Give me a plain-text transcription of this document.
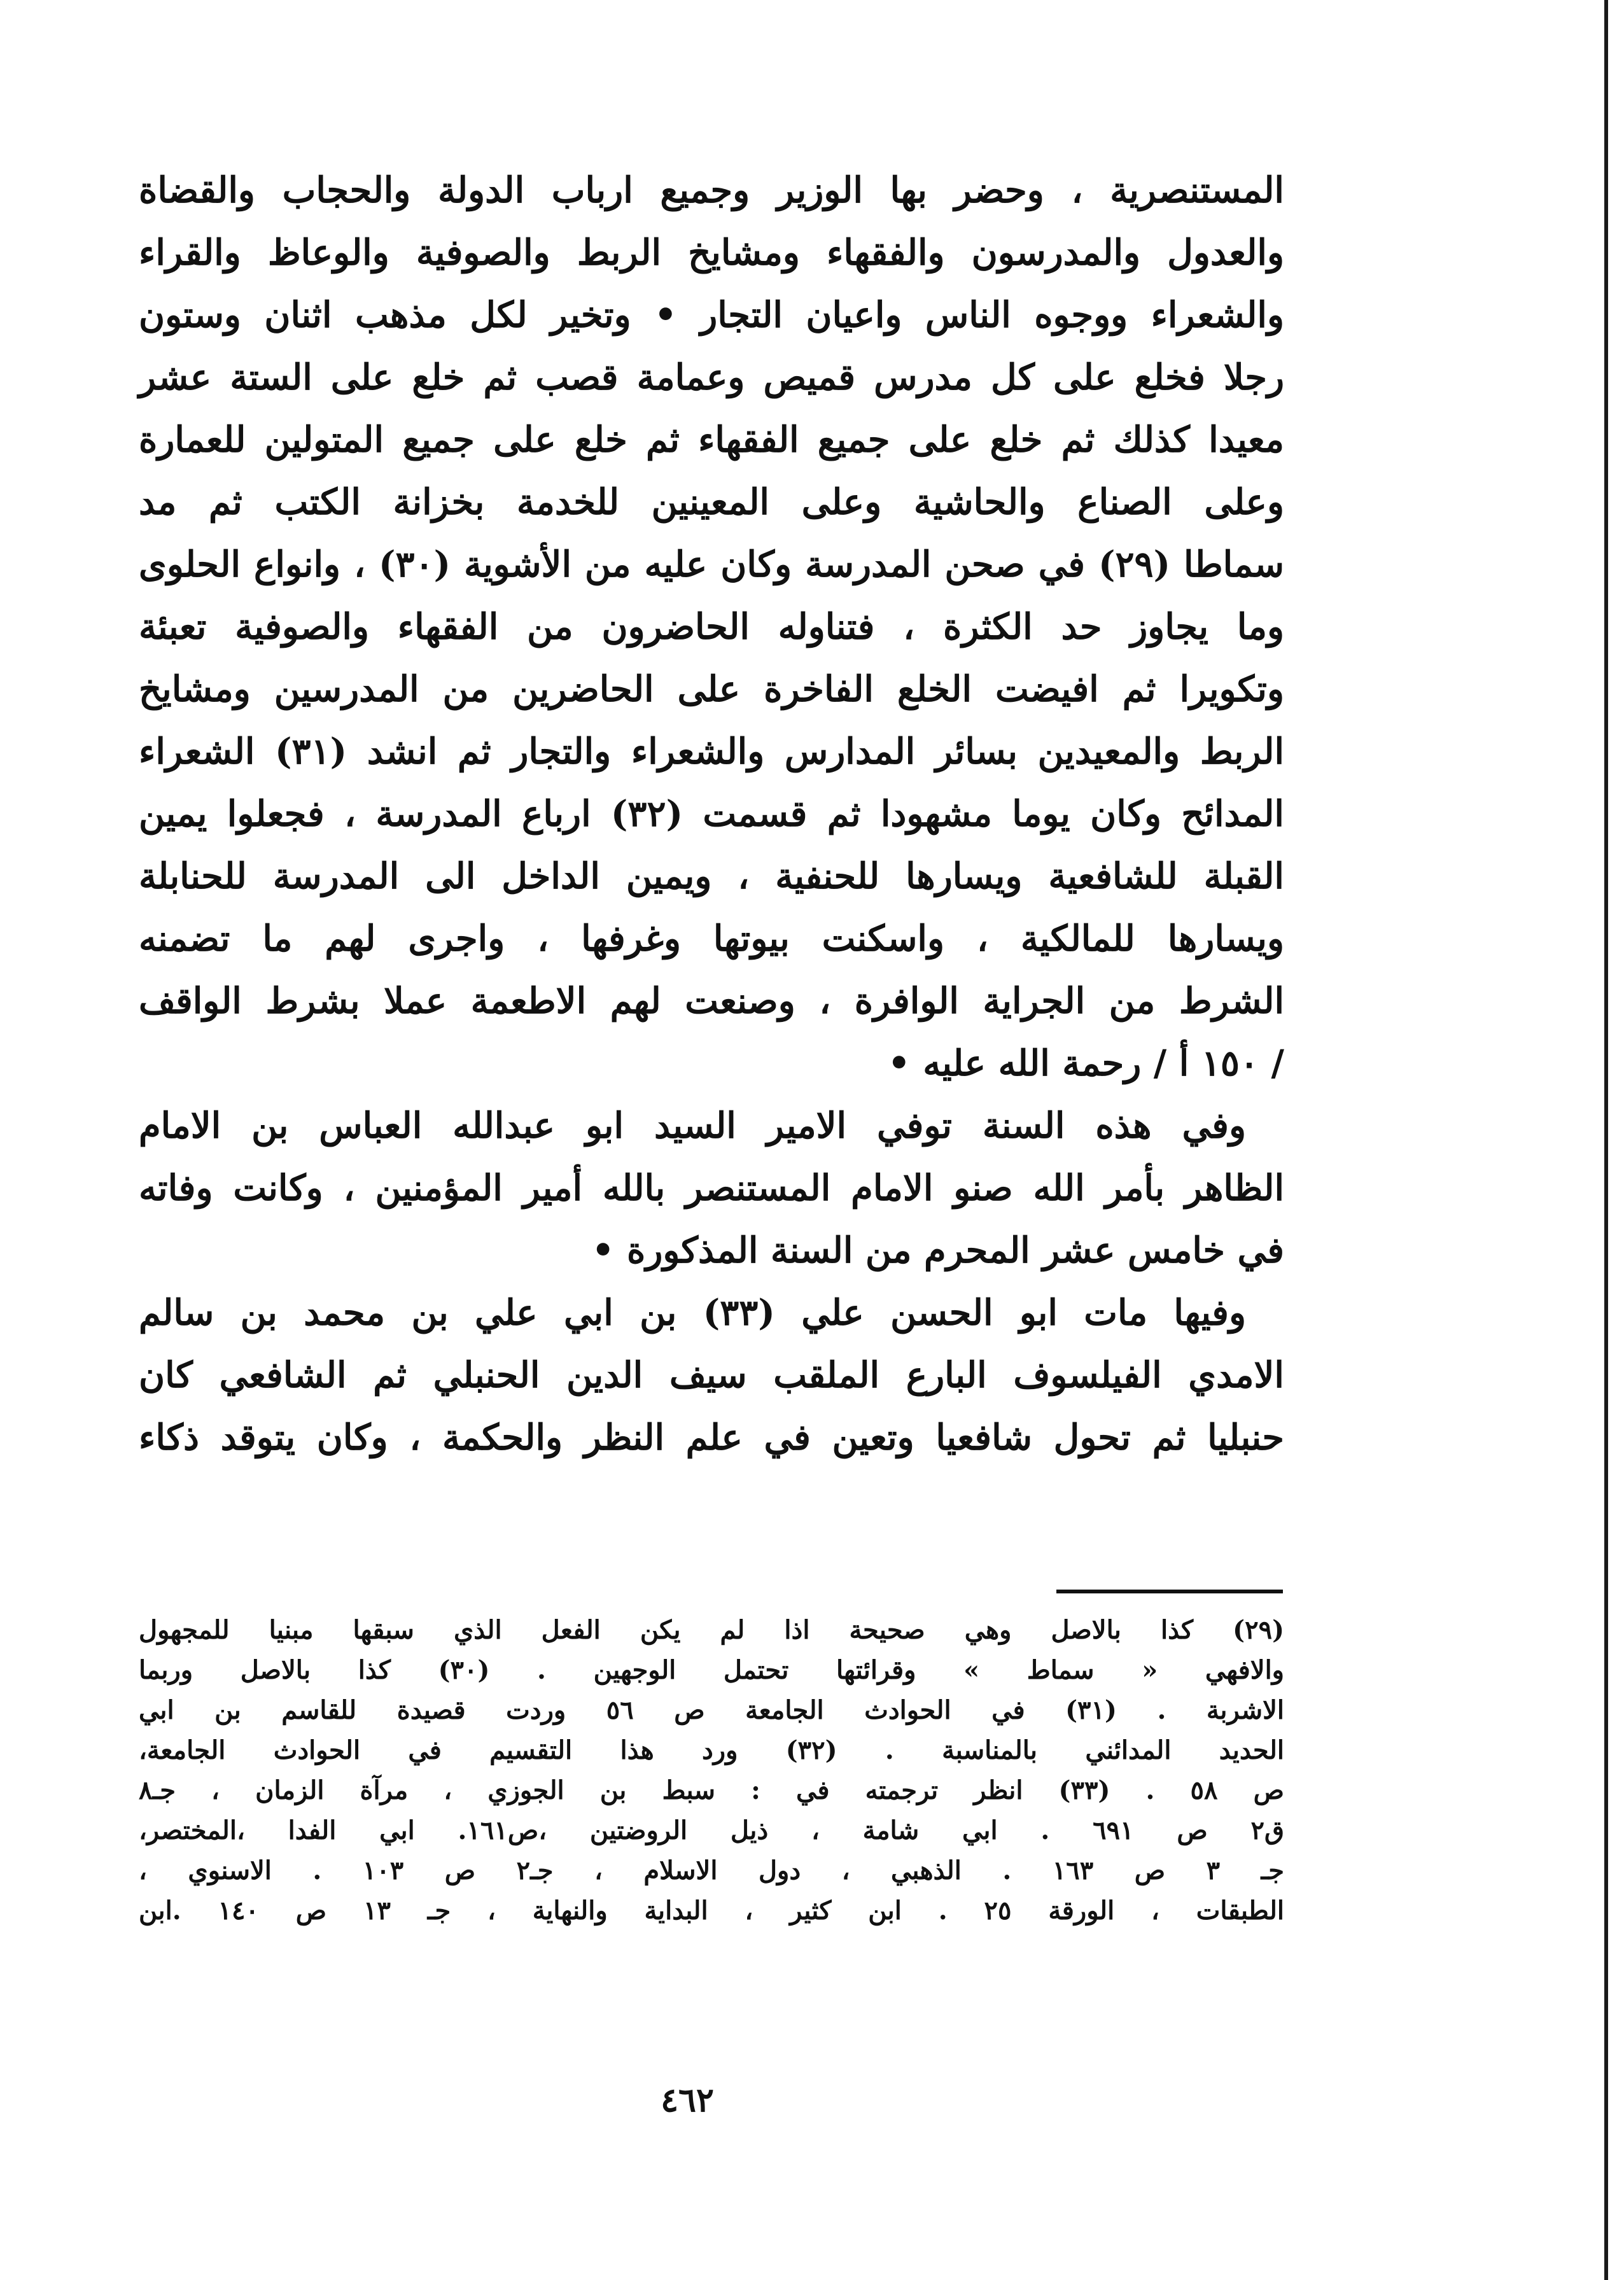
المستنصرية ، وحضر بها الوزير وجميع ارباب الدولة والحجاب والقضاة
والعدول والمدرسون والفقهاء ومشايخ الربط والصوفية والوعاظ والقراء
والشعراء ووجوه الناس واعيان التجار • وتخير لكل مذهب اثنان وستون
رجلا فخلع على كل مدرس قميص وعمامة قصب ثم خلع على الستة عشر
معيدا كذلك ثم خلع على جميع الفقهاء ثم خلع على جميع المتولين للعمارة
وعلى الصناع والحاشية وعلى المعينين للخدمة بخزانة الكتب ثم مد
سماطا (٢٩) في صحن المدرسة وكان عليه من الأشوية (٣٠) ، وانواع الحلوى
وما يجاوز حد الكثرة ، فتناوله الحاضرون من الفقهاء والصوفية تعبئة
وتكويرا ثم افيضت الخلع الفاخرة على الحاضرين من المدرسين ومشايخ
الربط والمعيدين بسائر المدارس والشعراء والتجار ثم انشد (٣١) الشعراء
المدائح وكان يوما مشهودا ثم قسمت (٣٢) ارباع المدرسة ، فجعلوا يمين
القبلة للشافعية ويسارها للحنفية ، ويمين الداخل الى المدرسة للحنابلة
ويسارها للمالكية ، واسكنت بيوتها وغرفها ، واجرى لهم ما تضمنه
الشرط من الجراية الوافرة ، وصنعت لهم الاطعمة عملا بشرط الواقف
/ ١٥٠ أ / رحمة الله عليه •
وفي هذه السنة توفي الامير السيد ابو عبدالله العباس بن الامام
الظاهر بأمر الله صنو الامام المستنصر بالله أمير المؤمنين ، وكانت وفاته
في خامس عشر المحرم من السنة المذكورة •
وفيها مات ابو الحسن علي (٣٣) بن ابي علي بن محمد بن سالم
الامدي الفيلسوف البارع الملقب سيف الدين الحنبلي ثم الشافعي كان
حنبليا ثم تحول شافعيا وتعين في علم النظر والحكمة ، وكان يتوقد ذكاء
(٢٩) كذا بالاصل وهي صحيحة اذا لم يكن الفعل الذي سبقها مبنيا للمجهول
والافهي « سماط » وقرائتها تحتمل الوجهين . (٣٠) كذا بالاصل وربما
الاشربة . (٣١) في الحوادث الجامعة ص ٥٦ وردت قصيدة للقاسم بن ابي
الحديد المدائني بالمناسبة . (٣٢) ورد هذا التقسيم في الحوادث الجامعة،
ص ٥٨ . (٣٣) انظر ترجمته في : سبط بن الجوزي ، مرآة الزمان ، جـ٨
ق٢ ص ٦٩١ . ابي شامة ، ذيل الروضتين ،ص١٦١. ابي الفدا ،المختصر،
جـ ٣ ص ١٦٣ . الذهبي ، دول الاسلام ، جـ٢ ص ١٠٣ . الاسنوي ،
الطبقات ، الورقة ٢٥ . ابن كثير ، البداية والنهاية ، جـ ١٣ ص ١٤٠ .ابن
٤٦٢
